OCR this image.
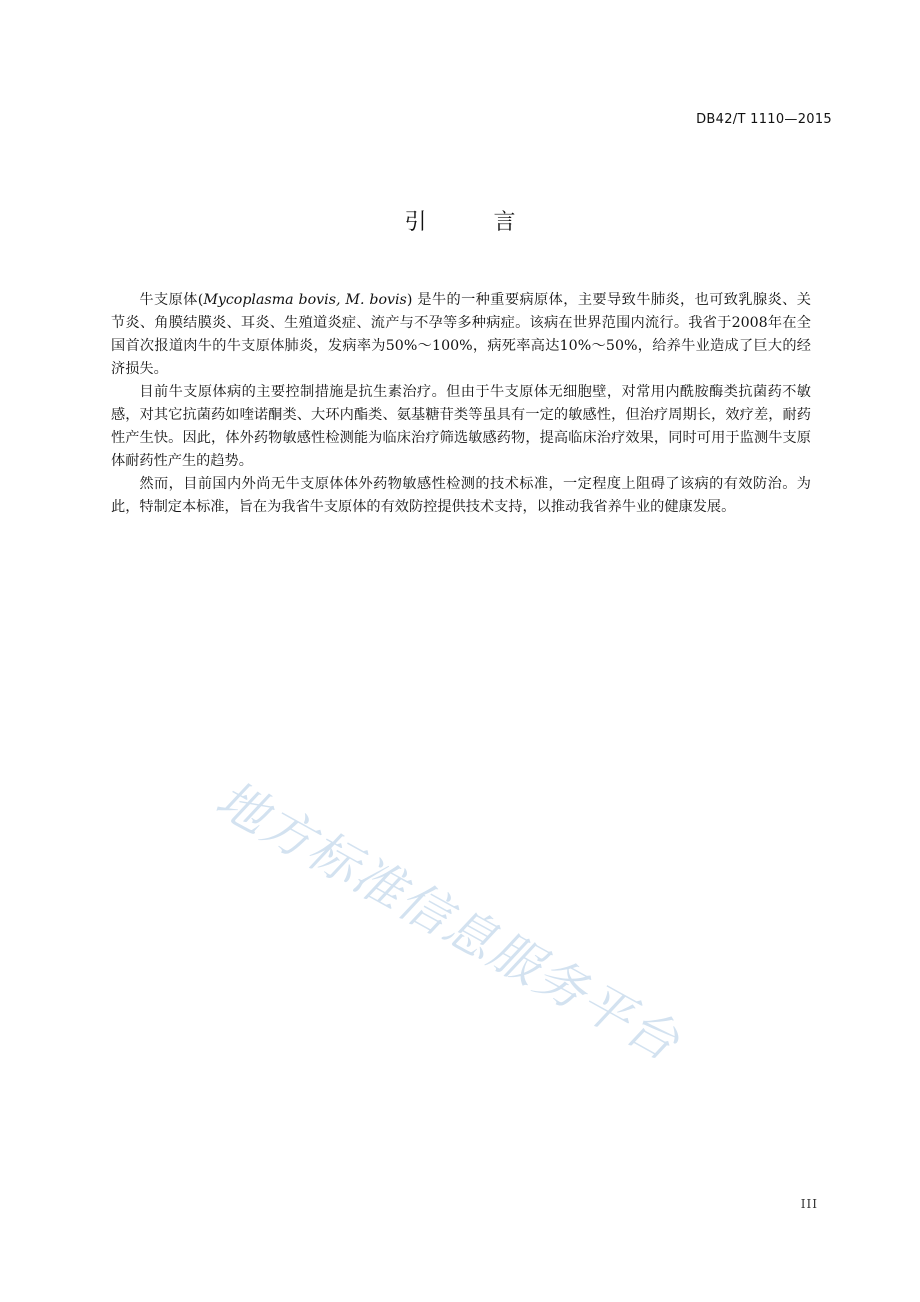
DB42/T 1110—2015
引 言

牛支原体(Mycoplasma bovis, M. bovis) 是牛的一种重要病原体，主要导致牛肺炎，也可致乳腺炎、关节炎、角膜结膜炎、耳炎、生殖道炎症、流产与不孕等多种病症。该病在世界范围内流行。我省于2008年在全国首次报道肉牛的牛支原体肺炎，发病率为50%～100%，病死率高达10%～50%，给养牛业造成了巨大的经济损失。

目前牛支原体病的主要控制措施是抗生素治疗。但由于牛支原体无细胞壁，对常用内酰胺酶类抗菌药不敏感，对其它抗菌药如喹诺酮类、大环内酯类、氨基糖苷类等虽具有一定的敏感性，但治疗周期长，效疗差，耐药性产生快。因此，体外药物敏感性检测能为临床治疗筛选敏感药物，提高临床治疗效果，同时可用于监测牛支原体耐药性产生的趋势。

然而，目前国内外尚无牛支原体体外药物敏感性检测的技术标准，一定程度上阻碍了该病的有效防治。为此，特制定本标准，旨在为我省牛支原体的有效防控提供技术支持，以推动我省养牛业的健康发展。

地方标准信息服务平台
III
